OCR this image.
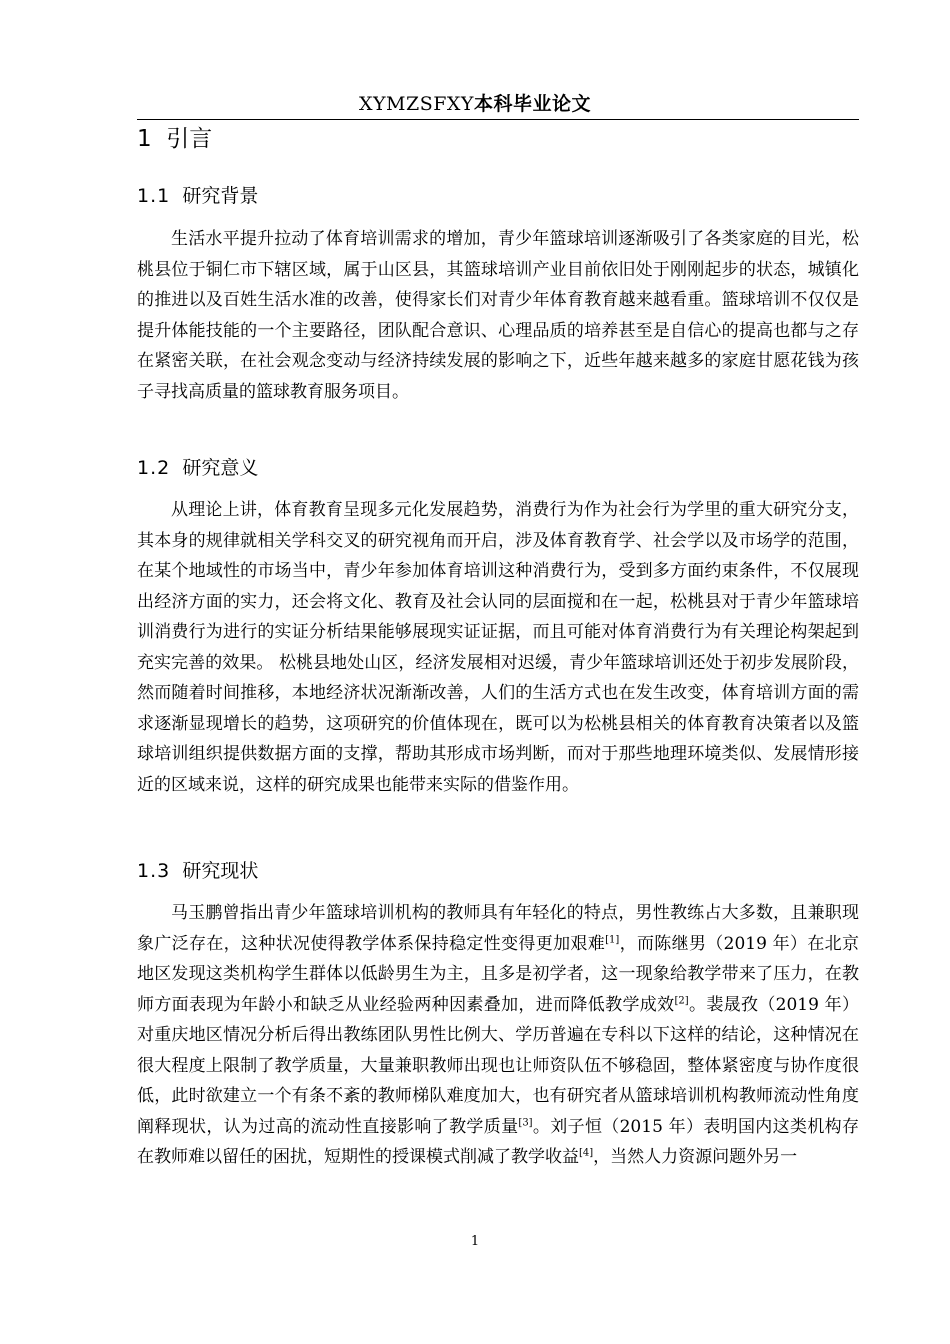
XYMZSFXY本科毕业论文
1 引言
1.1 研究背景

生活水平提升拉动了体育培训需求的增加，青少年篮球培训逐渐吸引了各类家庭的目光，松桃县位于铜仁市下辖区域，属于山区县，其篮球培训产业目前依旧处于刚刚起步的状态，城镇化的推进以及百姓生活水准的改善，使得家长们对青少年体育教育越来越看重。篮球培训不仅仅是提升体能技能的一个主要路径，团队配合意识、心理品质的培养甚至是自信心的提高也都与之存在紧密关联，在社会观念变动与经济持续发展的影响之下，近些年越来越多的家庭甘愿花钱为孩子寻找高质量的篮球教育服务项目。

1.2 研究意义

从理论上讲，体育教育呈现多元化发展趋势，消费行为作为社会行为学里的重大研究分支，其本身的规律就相关学科交叉的研究视角而开启，涉及体育教育学、社会学以及市场学的范围，在某个地域性的市场当中，青少年参加体育培训这种消费行为，受到多方面约束条件，不仅展现出经济方面的实力，还会将文化、教育及社会认同的层面搅和在一起，松桃县对于青少年篮球培训消费行为进行的实证分析结果能够展现实证证据，而且可能对体育消费行为有关理论构架起到充实完善的效果。 松桃县地处山区，经济发展相对迟缓，青少年篮球培训还处于初步发展阶段，然而随着时间推移，本地经济状况渐渐改善，人们的生活方式也在发生改变，体育培训方面的需求逐渐显现增长的趋势，这项研究的价值体现在，既可以为松桃县相关的体育教育决策者以及篮球培训组织提供数据方面的支撑，帮助其形成市场判断，而对于那些地理环境类似、发展情形接近的区域来说，这样的研究成果也能带来实际的借鉴作用。

1.3 研究现状

马玉鹏曾指出青少年篮球培训机构的教师具有年轻化的特点，男性教练占大多数，且兼职现象广泛存在，这种状况使得教学体系保持稳定性变得更加艰难[1]，而陈继男（2019 年）在北京地区发现这类机构学生群体以低龄男生为主，且多是初学者，这一现象给教学带来了压力，在教师方面表现为年龄小和缺乏从业经验两种因素叠加，进而降低教学成效[2]。裴晟孜（2019 年）对重庆地区情况分析后得出教练团队男性比例大、学历普遍在专科以下这样的结论，这种情况在很大程度上限制了教学质量，大量兼职教师出现也让师资队伍不够稳固，整体紧密度与协作度很低，此时欲建立一个有条不紊的教师梯队难度加大，也有研究者从篮球培训机构教师流动性角度阐释现状，认为过高的流动性直接影响了教学质量[3]。刘子恒（2015 年）表明国内这类机构存在教师难以留任的困扰，短期性的授课模式削减了教学收益[4]，当然人力资源问题外另一

1
